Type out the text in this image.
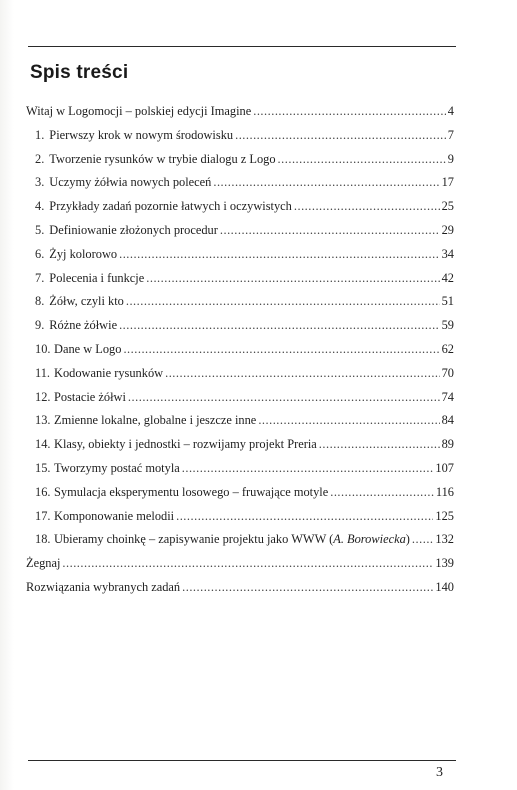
Spis treści
Witaj w Logomocji – polskiej edycji Imagine .....	4
1. Pierwszy krok w nowym środowisku .....	7
2. Tworzenie rysunków w trybie dialogu z Logo .....	9
3. Uczymy żółwia nowych poleceń .....	17
4. Przykłady zadań pozornie łatwych i oczywistych .....	25
5. Definiowanie złożonych procedur .....	29
6. Żyj kolorowo .....	34
7. Polecenia i funkcje .....	42
8. Żółw, czyli kto .....	51
9. Różne żółwie .....	59
10. Dane w Logo .....	62
11. Kodowanie rysunków .....	70
12. Postacie żółwi .....	74
13. Zmienne lokalne, globalne i jeszcze inne .....	84
14. Klasy, obiekty i jednostki – rozwijamy projekt Preria .....	89
15. Tworzymy postać motyla .....	107
16. Symulacja eksperymentu losowego – fruwające motyle .....	116
17. Komponowanie melodii .....	125
18. Ubieramy choinkę – zapisywanie projektu jako WWW (A. Borowiecka) ..... 132
Żegnaj .....	139
Rozwiązania wybranych zadań .....	140
3
